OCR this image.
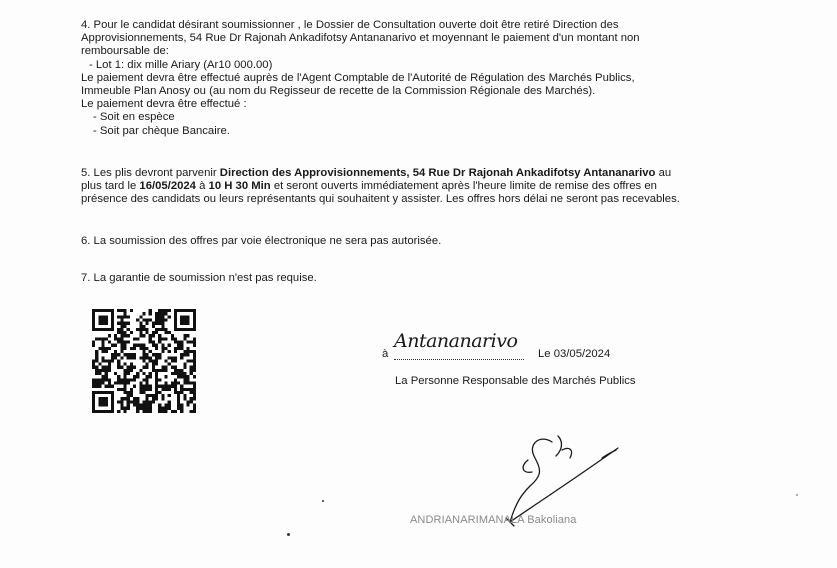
4. Pour le candidat désirant soumissionner , le Dossier de Consultation ouverte doit être retiré Direction des

Approvisionnements, 54 Rue Dr Rajonah Ankadifotsy Antananarivo et moyennant le paiement d'un montant non

remboursable de:

- Lot 1: dix mille Ariary (Ar10 000.00)

Le paiement devra être effectué auprès de l'Agent Comptable de l'Autorité de Régulation des Marchés Publics,

Immeuble Plan Anosy ou (au nom du Regisseur de recette de la Commission Régionale des Marchés).

Le paiement devra être effectué :

- Soit en espèce

- Soit par chèque Bancaire.

5. Les plis devront parvenir Direction des Approvisionnements, 54 Rue Dr Rajonah Ankadifotsy Antananarivo au

plus tard le 16/05/2024 à 10 H 30 Min et seront ouverts immédiatement après l'heure limite de remise des offres en

présence des candidats ou leurs représentants qui souhaitent y assister. Les offres hors délai ne seront pas recevables.

6. La soumission des offres par voie électronique ne sera pas autorisée.
7. La garantie de soumission n'est pas requise.
à
Antananarivo
Le 03/05/2024
La Personne Responsable des Marchés Publics
ANDRIANARIMANALA Bakoliana
